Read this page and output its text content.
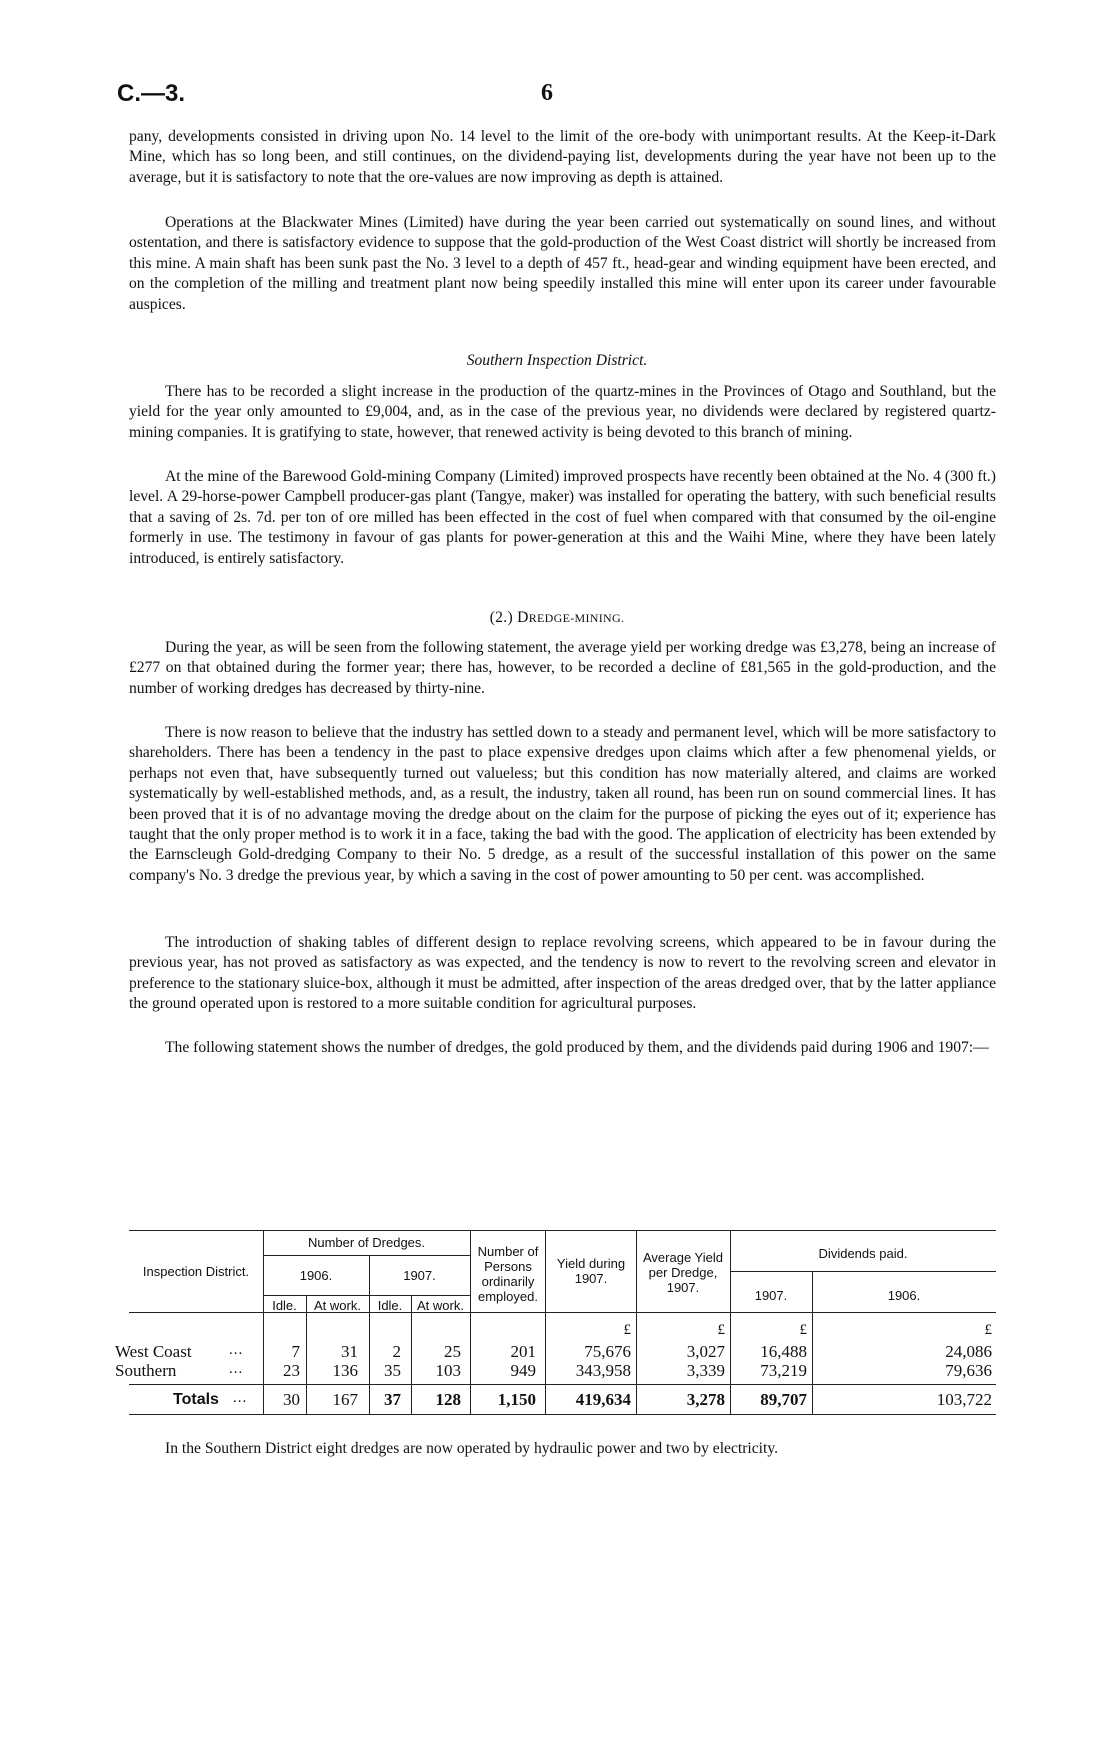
C.—3.	6

pany, developments consisted in driving upon No. 14 level to the limit of the ore-body with unimportant results. At the Keep-it-Dark Mine, which has so long been, and still continues, on the dividend-paying list, developments during the year have not been up to the average, but it is satisfactory to note that the ore-values are now improving as depth is attained.

Operations at the Blackwater Mines (Limited) have during the year been carried out systematically on sound lines, and without ostentation, and there is satisfactory evidence to suppose that the gold-production of the West Coast district will shortly be increased from this mine. A main shaft has been sunk past the No. 3 level to a depth of 457 ft., head-gear and winding equipment have been erected, and on the completion of the milling and treatment plant now being speedily installed this mine will enter upon its career under favourable auspices.

Southern Inspection District.

There has to be recorded a slight increase in the production of the quartz-mines in the Provinces of Otago and Southland, but the yield for the year only amounted to £9,004, and, as in the case of the previous year, no dividends were declared by registered quartz-mining companies. It is gratifying to state, however, that renewed activity is being devoted to this branch of mining.

At the mine of the Barewood Gold-mining Company (Limited) improved prospects have recently been obtained at the No. 4 (300 ft.) level. A 29-horse-power Campbell producer-gas plant (Tangye, maker) was installed for operating the battery, with such beneficial results that a saving of 2s. 7d. per ton of ore milled has been effected in the cost of fuel when compared with that consumed by the oil-engine formerly in use. The testimony in favour of gas plants for power-generation at this and the Waihi Mine, where they have been lately introduced, is entirely satisfactory.

(2.) DREDGE-MINING.

During the year, as will be seen from the following statement, the average yield per working dredge was £3,278, being an increase of £277 on that obtained during the former year; there has, however, to be recorded a decline of £81,565 in the gold-production, and the number of working dredges has decreased by thirty-nine.

There is now reason to believe that the industry has settled down to a steady and permanent level, which will be more satisfactory to shareholders. There has been a tendency in the past to place expensive dredges upon claims which after a few phenomenal yields, or perhaps not even that, have subsequently turned out valueless; but this condition has now materially altered, and claims are worked systematically by well-established methods, and, as a result, the industry, taken all round, has been run on sound commercial lines. It has been proved that it is of no advantage moving the dredge about on the claim for the purpose of picking the eyes out of it; experience has taught that the only proper method is to work it in a face, taking the bad with the good. The application of electricity has been extended by the Earnscleugh Gold-dredging Company to their No. 5 dredge, as a result of the successful installation of this power on the same company's No. 3 dredge the previous year, by which a saving in the cost of power amounting to 50 per cent. was accomplished.

The introduction of shaking tables of different design to replace revolving screens, which appeared to be in favour during the previous year, has not proved as satisfactory as was expected, and the tendency is now to revert to the revolving screen and elevator in preference to the stationary sluice-box, although it must be admitted, after inspection of the areas dredged over, that by the latter appliance the ground operated upon is restored to a more suitable condition for agricultural purposes.

The following statement shows the number of dredges, the gold produced by them, and the dividends paid during 1906 and 1907:—

Inspection District.
Number of Dredges.
1906.	1907.
Idle.	At work.	Idle.	At work.
Number of Persons ordinarily employed.
Yield during 1907.
Average Yield per Dredge, 1907.
Dividends paid.
1907.	1906.
£	£	£	£
West Coast ...	7	31	2	25	201	75,676	3,027	16,488	24,086
Southern	...	23	136	35	103	949	343,958	3,339	73,219	79,636
Totals ...	30	167	37	128	1,150	419,634	3,278	89,707	103,722

In the Southern District eight dredges are now operated by hydraulic power and two by electricity.
